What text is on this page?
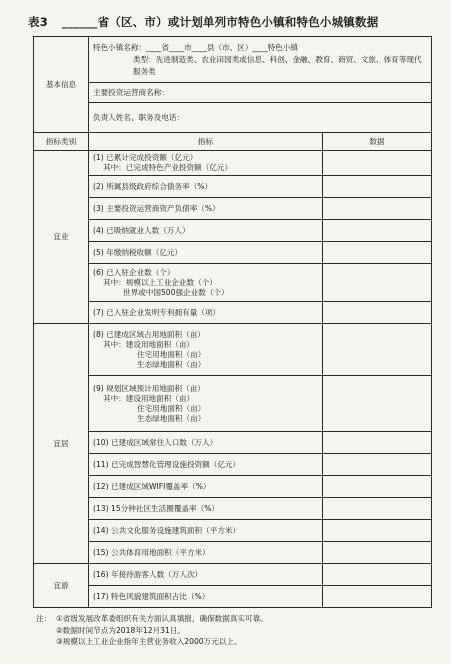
表3 ______省（区、市）或计划单列市特色小镇和特色小城镇数据
基本信息	特色小镇名称：____省____市____县（市、区）____特色小镇
类型：先进制造类、农业田园类或信息、科创、金融、教育、商贸、文旅、体育等现代服务类	

	主要投资运营商名称：	
	负责人姓名、职务及电话：	
指标类别	指标	数据
宜业	(1) 已累计完成投资额（亿元）
其中：已完成特色产业投资额（亿元）	

	(2) 所属县级政府综合债务率（%）	
	(3) 主要投资运营商资产负债率（%）	
	(4) 已吸纳就业人数（万人）	
	(5) 年缴纳税收额（亿元）	

	(6) 已入驻企业数（个）
其中：规模以上工业企业数（个）
世界或中国500强企业数（个）	

	(7) 已入驻企业发明专利拥有量（项）	
宜居	(8) 已建成区域占用地面积（亩）
其中：建设用地面积（亩）
住宅用地面积（亩）
生态绿地面积（亩）	

	(9) 规划区域预计用地面积（亩）
其中：建设用地面积（亩）
住宅用地面积（亩）
生态绿地面积（亩）	

	(10) 已建成区域常住人口数（万人）	
	(11) 已完成智慧化管理设施投资额（亿元）	
	(12) 已建成区域WIFI覆盖率（%）	
	(13) 15分钟社区生活圈覆盖率（%）	
	(14) 公共文化服务设施建筑面积（平方米）	
	(15) 公共体育用地面积（平方米）	
宜游	(16) 年接待游客人数（万人次）	
	(17) 特色风貌建筑面积占比（%）	
注： ①省级发展改革委组织有关方面认真填报，确保数据真实可靠。
②数据时间节点为2018年12月31日。
③规模以上工业企业指年主营业务收入2000万元以上。
